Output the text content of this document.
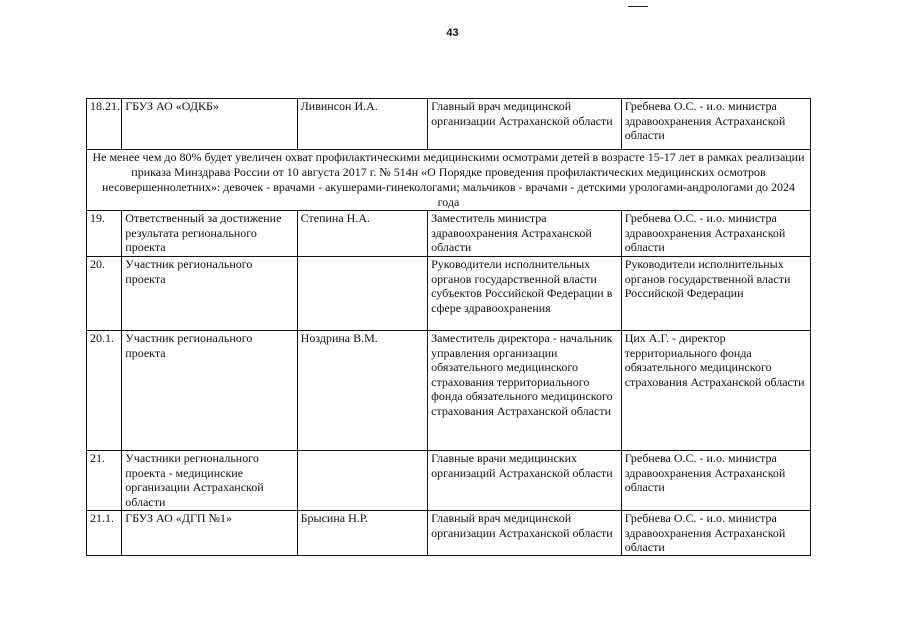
43
18.21.	ГБУЗ АО «ОДКБ»	Ливинсон И.А.	Главный врач медицинской организации Астраханской области	Гребнева О.С. - и.о. министра здравоохранения Астраханской области
Не менее чем до 80% будет увеличен охват профилактическими медицинскими осмотрами детей в возрасте 15-17 лет в рамках реализации приказа Минздрава России от 10 августа 2017 г. № 514н «О Порядке проведения профилактических медицинских осмотров несовершеннолетних»: девочек - врачами - акушерами-гинекологами; мальчиков - врачами - детскими урологами-андрологами до 2024 года				
19.	Ответственный за достижение результата регионального проекта	Степина Н.А.	Заместитель министра здравоохранения Астраханской области	Гребнева О.С. - и.о. министра здравоохранения Астраханской области
20.	Участник регионального проекта		Руководители исполнительных органов государственной власти субъектов Российской Федерации в сфере здравоохранения	Руководители исполнительных органов государственной власти Российской Федерации
20.1.	Участник регионального проекта	Ноздрина В.М.	Заместитель директора - начальник управления организации обязательного медицинского страхования территориального фонда обязательного медицинского страхования Астраханской области	Цих А.Г. - директор территориального фонда обязательного медицинского страхования Астраханской области
21.	Участники регионального проекта - медицинские организации Астраханской области		Главные врачи медицинских организаций Астраханской области	Гребнева О.С. - и.о. министра здравоохранения Астраханской области
21.1.	ГБУЗ АО «ДГП №1»	Брысина Н.Р.	Главный врач медицинской организации Астраханской области	Гребнева О.С. - и.о. министра здравоохранения Астраханской области
